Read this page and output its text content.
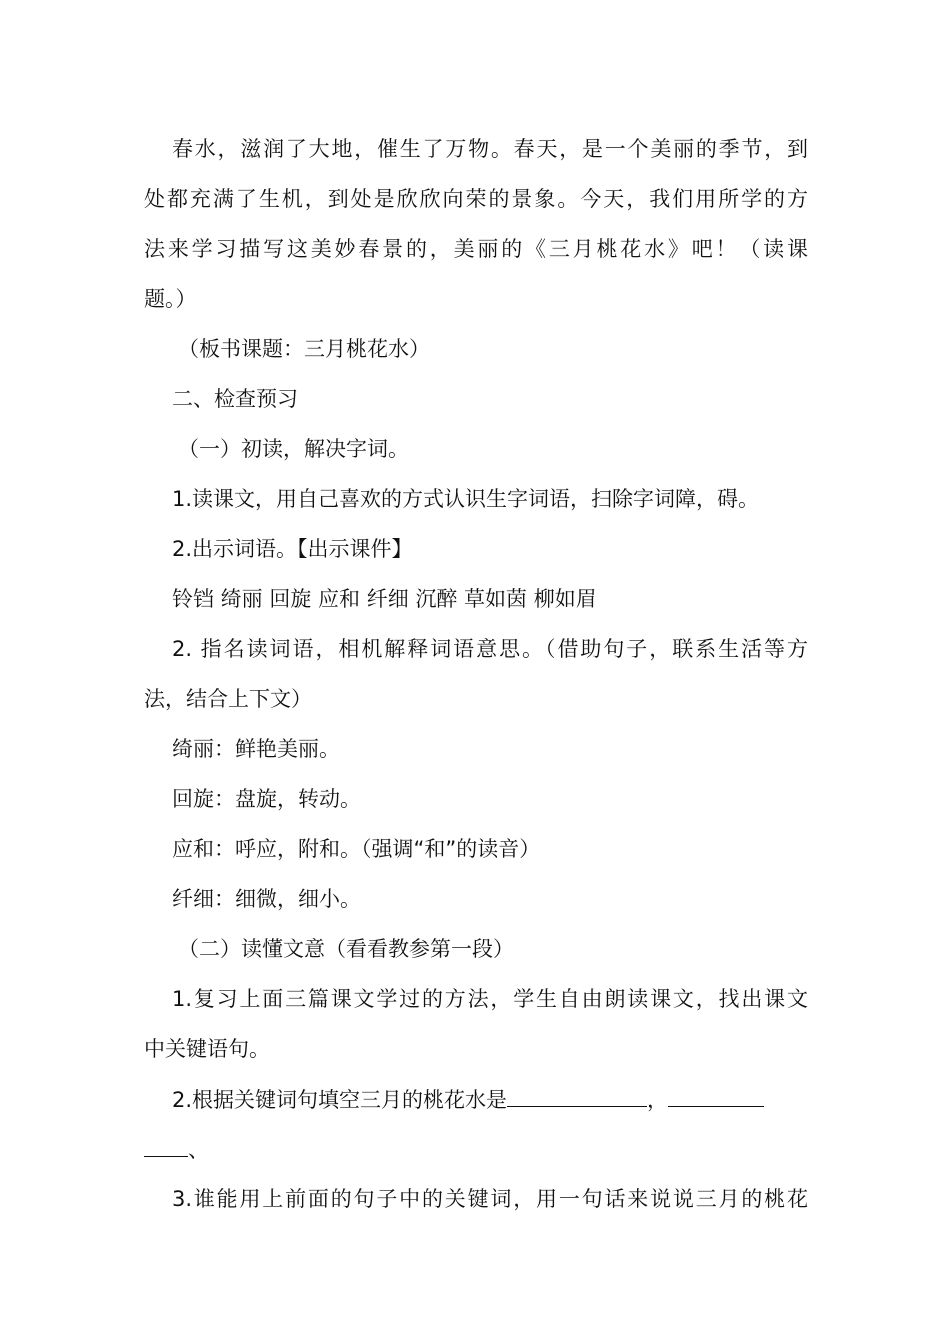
春水，滋润了大地，催生了万物。春天，是一个美丽的季节，到
处都充满了生机，到处是欣欣向荣的景象。今天，我们用所学的方
法来学习描写这美妙春景的，美丽的《三月桃花水》吧！（读课
题。）
（板书课题：三月桃花水）
二、检查预习
（一）初读，解决字词。
1.读课文，用自己喜欢的方式认识生字词语，扫除字词障，碍。
2.出示词语。【出示课件】
铃铛 绮丽 回旋 应和 纤细 沉醉 草如茵 柳如眉
2. 指名读词语，相机解释词语意思。（借助句子，联系生活等方
法，结合上下文）
绮丽：鲜艳美丽。
回旋：盘旋，转动。
应和：呼应，附和。（强调“和”的读音）
纤细：细微，细小。
（二）读懂文意（看看教参第一段）
1.复习上面三篇课文学过的方法，学生自由朗读课文，找出课文
中关键语句。
2.根据关键词句填空三月的桃花水是	，
、
3.谁能用上前面的句子中的关键词，用一句话来说说三月的桃花
